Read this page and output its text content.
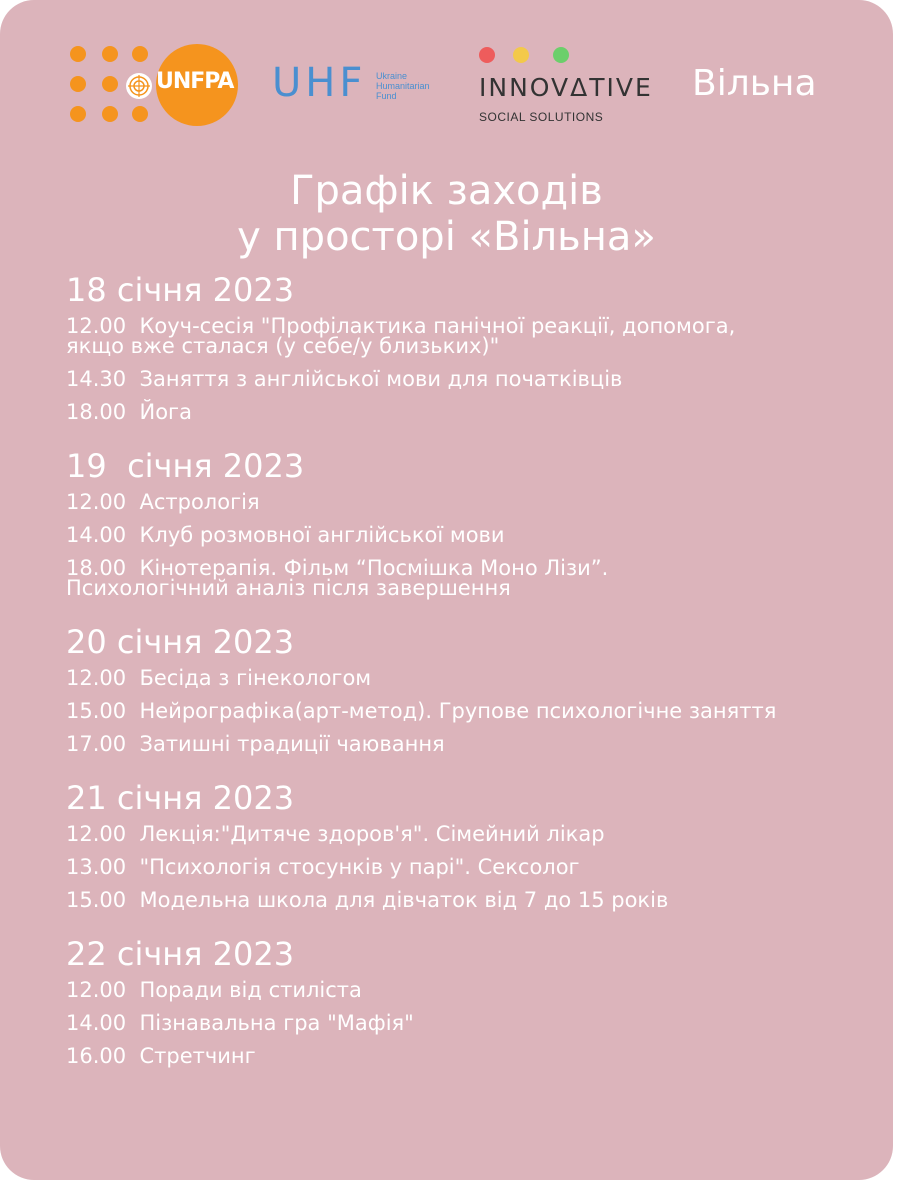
UNFPA UHF Ukraine
Humanitarian
Fund	INNOVΔTIVE
SOCIAL SOLUTIONS
Вільна
Графік заходів
у просторі «Вільна»
18 січня 2023
12.00 Коуч-сесія "Профілактика панічної реакції, допомога,
якщо вже сталася (у себе/у близьких)"
14.30 Заняття з англійської мови для початківців
18.00 Йога
19  січня 2023
12.00 Астрологія
14.00 Клуб розмовної англійської мови
18.00 Кінотерапія. Фільм “Посмішка Моно Лізи”.
Психологічний аналіз після завершення
20 січня 2023
12.00 Бесіда з гінекологом
15.00 Нейрографіка(арт-метод). Групове психологічне заняття
17.00 Затишні традиції чаювання
21 січня 2023
12.00 Лекція:"Дитяче здоров'я". Сімейний лікар
13.00 "Психологія стосунків у парі". Сексолог
15.00 Модельна школа для дівчаток від 7 до 15 років
22 січня 2023
12.00 Поради від стиліста
14.00 Пізнавальна гра "Мафія"
16.00 Стретчинг
